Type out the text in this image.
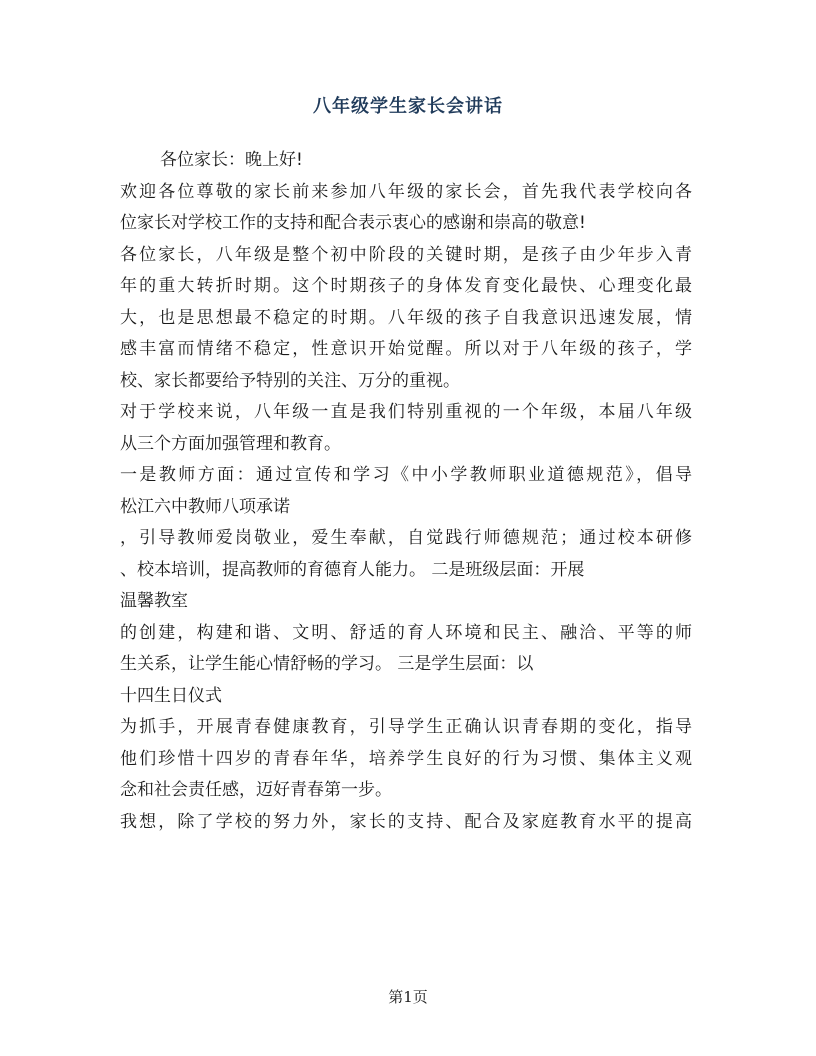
八年级学生家长会讲话
各位家长：晚上好!
欢迎各位尊敬的家长前来参加八年级的家长会，首先我代表学校向各
位家长对学校工作的支持和配合表示衷心的感谢和崇高的敬意!
各位家长，八年级是整个初中阶段的关键时期，是孩子由少年步入青
年的重大转折时期。这个时期孩子的身体发育变化最快、心理变化最
大，也是思想最不稳定的时期。八年级的孩子自我意识迅速发展，情
感丰富而情绪不稳定，性意识开始觉醒。所以对于八年级的孩子，学
校、家长都要给予特别的关注、万分的重视。
对于学校来说，八年级一直是我们特别重视的一个年级，本届八年级
从三个方面加强管理和教育。
一是教师方面：通过宣传和学习《中小学教师职业道德规范》，倡导
松江六中教师八项承诺
，引导教师爱岗敬业，爱生奉献，自觉践行师德规范；通过校本研修
、校本培训，提高教师的育德育人能力。 二是班级层面：开展
温馨教室
的创建，构建和谐、文明、舒适的育人环境和民主、融洽、平等的师
生关系，让学生能心情舒畅的学习。 三是学生层面：以
十四生日仪式
为抓手，开展青春健康教育，引导学生正确认识青春期的变化，指导
他们珍惜十四岁的青春年华，培养学生良好的行为习惯、集体主义观
念和社会责任感，迈好青春第一步。
我想，除了学校的努力外，家长的支持、配合及家庭教育水平的提高
第1页
